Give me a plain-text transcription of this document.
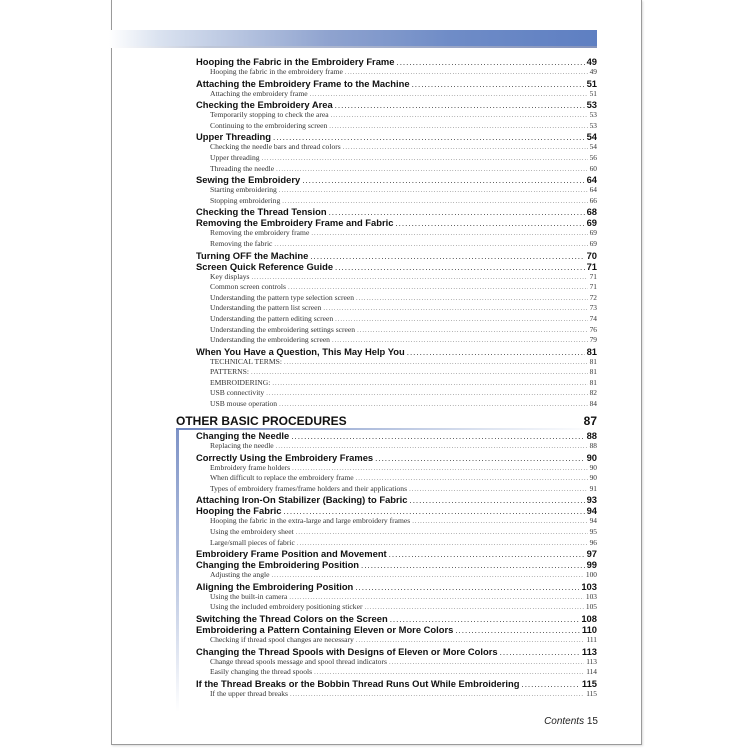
Hooping the Fabric in the Embroidery Frame .....	49
Hooping the fabric in the embroidery frame .....	49
Attaching the Embroidery Frame to the Machine .....	51
Attaching the embroidery frame .....	51
Checking the Embroidery Area .....	53
Temporarily stopping to check the area .....	53
Continuing to the embroidering screen .....	53
Upper Threading .....	54
Checking the needle bars and thread colors .....	54
Upper threading .....	56
Threading the needle .....	60
Sewing the Embroidery .....	64
Starting embroidering .....	64
Stopping embroidering .....	66
Checking the Thread Tension .....	68
Removing the Embroidery Frame and Fabric .....	69
Removing the embroidery frame .....	69
Removing the fabric .....	69
Turning OFF the Machine .....	70
Screen Quick Reference Guide .....	71
Key displays .....	71
Common screen controls .....	71
Understanding the pattern type selection screen .....	72
Understanding the pattern list screen .....	73
Understanding the pattern editing screen .....	74
Understanding the embroidering settings screen .....	76
Understanding the embroidering screen .....	79
When You Have a Question, This May Help You .....	81
TECHNICAL TERMS: .....	81
PATTERNS: .....	81
EMBROIDERING: .....	81
USB connectivity .....	82
USB mouse operation .....	84
OTHER BASIC PROCEDURES	87
Changing the Needle .....	88
Replacing the needle .....	88
Correctly Using the Embroidery Frames .....	90
Embroidery frame holders .....	90
When difficult to replace the embroidery frame .....	90
Types of embroidery frames/frame holders and their applications .....	91
Attaching Iron-On Stabilizer (Backing) to Fabric .....	93
Hooping the Fabric .....	94
Hooping the fabric in the extra-large and large embroidery frames .....	94
Using the embroidery sheet .....	95
Large/small pieces of fabric .....	96
Embroidery Frame Position and Movement .....	97
Changing the Embroidering Position .....	99
Adjusting the angle .....	100
Aligning the Embroidering Position .....	103
Using the built-in camera .....	103
Using the included embroidery positioning sticker .....	105
Switching the Thread Colors on the Screen .....	108
Embroidering a Pattern Containing Eleven or More Colors .....	110
Checking if thread spool changes are necessary .....	111
Changing the Thread Spools with Designs of Eleven or More Colors .....	113
Change thread spools message and spool thread indicators .....	113
Easily changing the thread spools .....	114
If the Thread Breaks or the Bobbin Thread Runs Out While Embroidering .....	115
If the upper thread breaks .....	115
Contents 15
